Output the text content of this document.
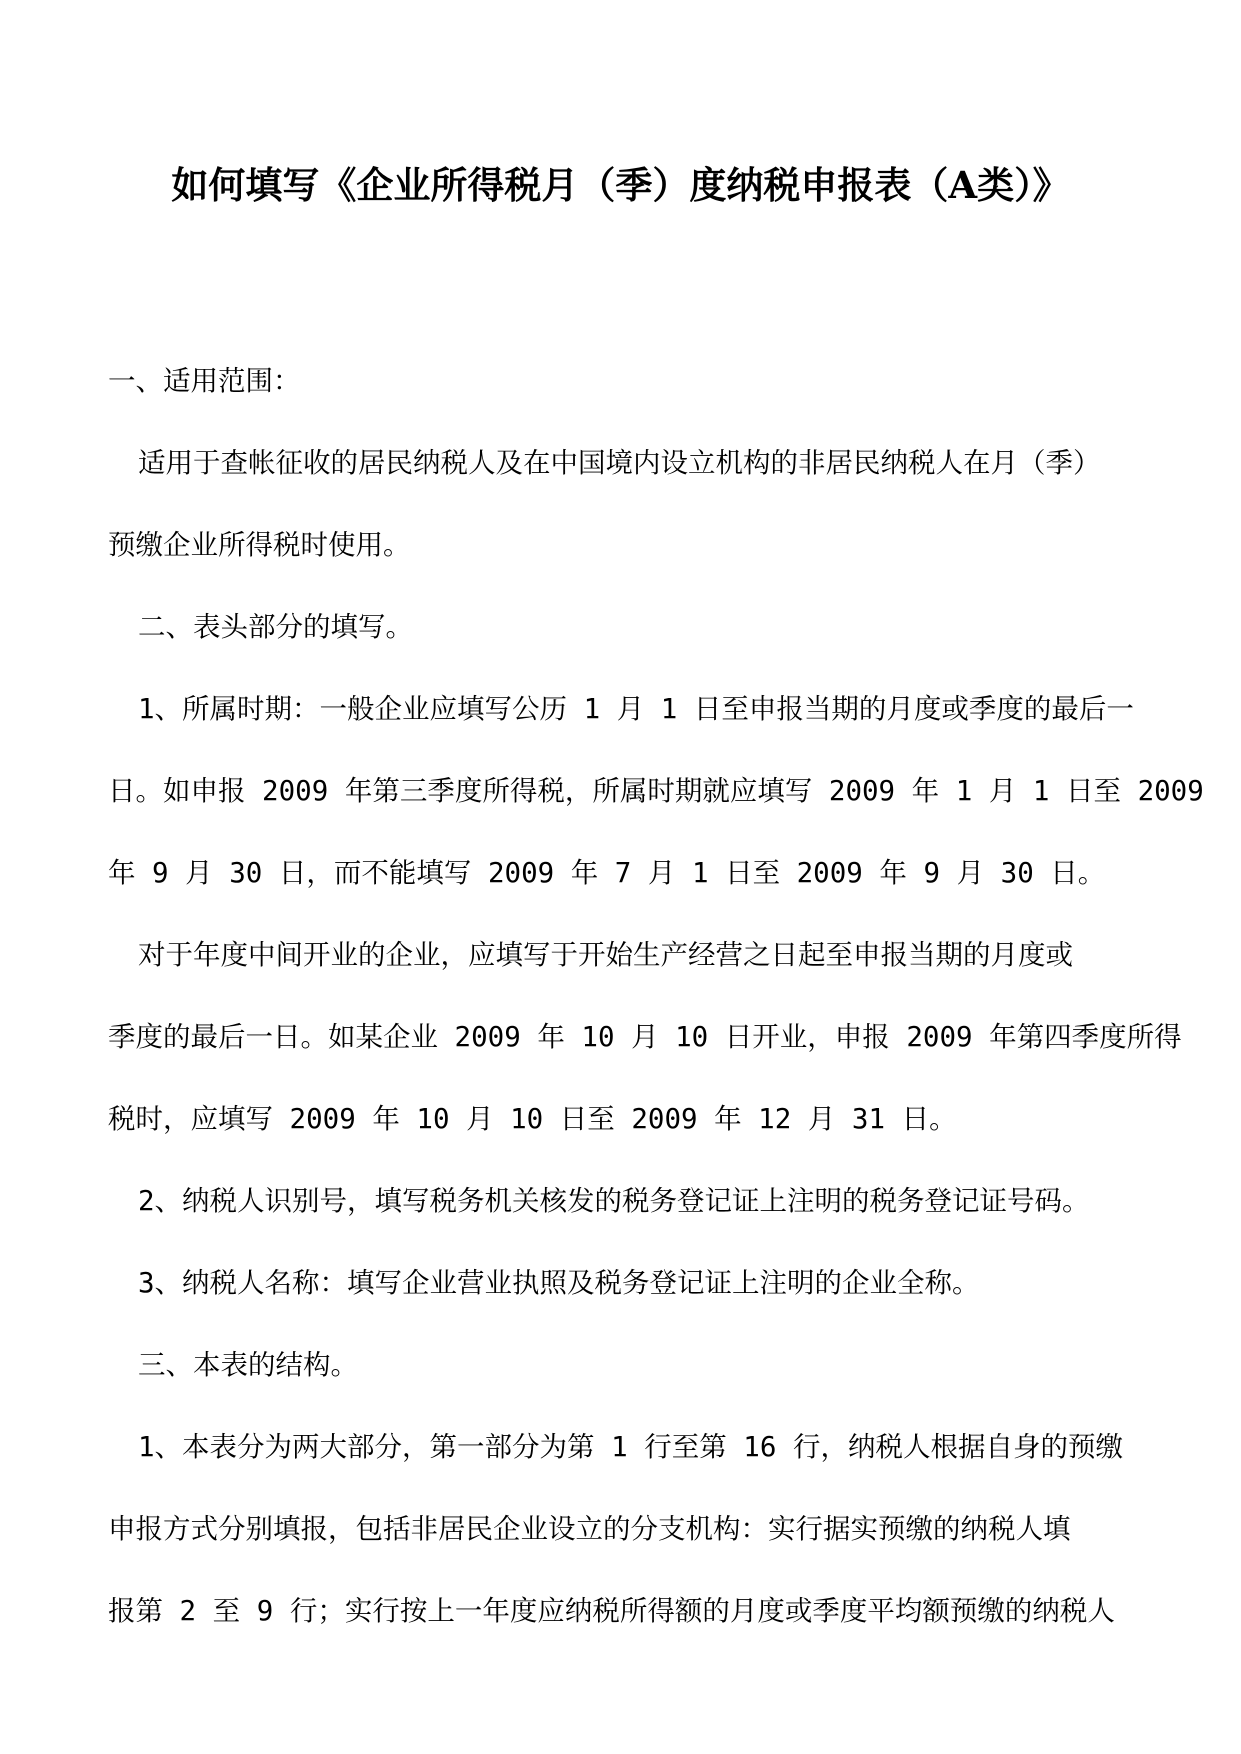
如何填写《企业所得税月（季）度纳税申报表（A类）》
一、适用范围：
适用于查帐征收的居民纳税人及在中国境内设立机构的非居民纳税人在月（季）
预缴企业所得税时使用。
二、表头部分的填写。
1、所属时期：一般企业应填写公历 1 月 1 日至申报当期的月度或季度的最后一
日。如申报 2009 年第三季度所得税，所属时期就应填写 2009 年 1 月 1 日至 2009
年 9 月 30 日，而不能填写 2009 年 7 月 1 日至 2009 年 9 月 30 日。
对于年度中间开业的企业，应填写于开始生产经营之日起至申报当期的月度或
季度的最后一日。如某企业 2009 年 10 月 10 日开业，申报 2009 年第四季度所得
税时，应填写 2009 年 10 月 10 日至 2009 年 12 月 31 日。
2、纳税人识别号，填写税务机关核发的税务登记证上注明的税务登记证号码。
3、纳税人名称：填写企业营业执照及税务登记证上注明的企业全称。
三、本表的结构。
1、本表分为两大部分，第一部分为第 1 行至第 16 行，纳税人根据自身的预缴
申报方式分别填报，包括非居民企业设立的分支机构：实行据实预缴的纳税人填
报第 2 至 9 行；实行按上一年度应纳税所得额的月度或季度平均额预缴的纳税人
